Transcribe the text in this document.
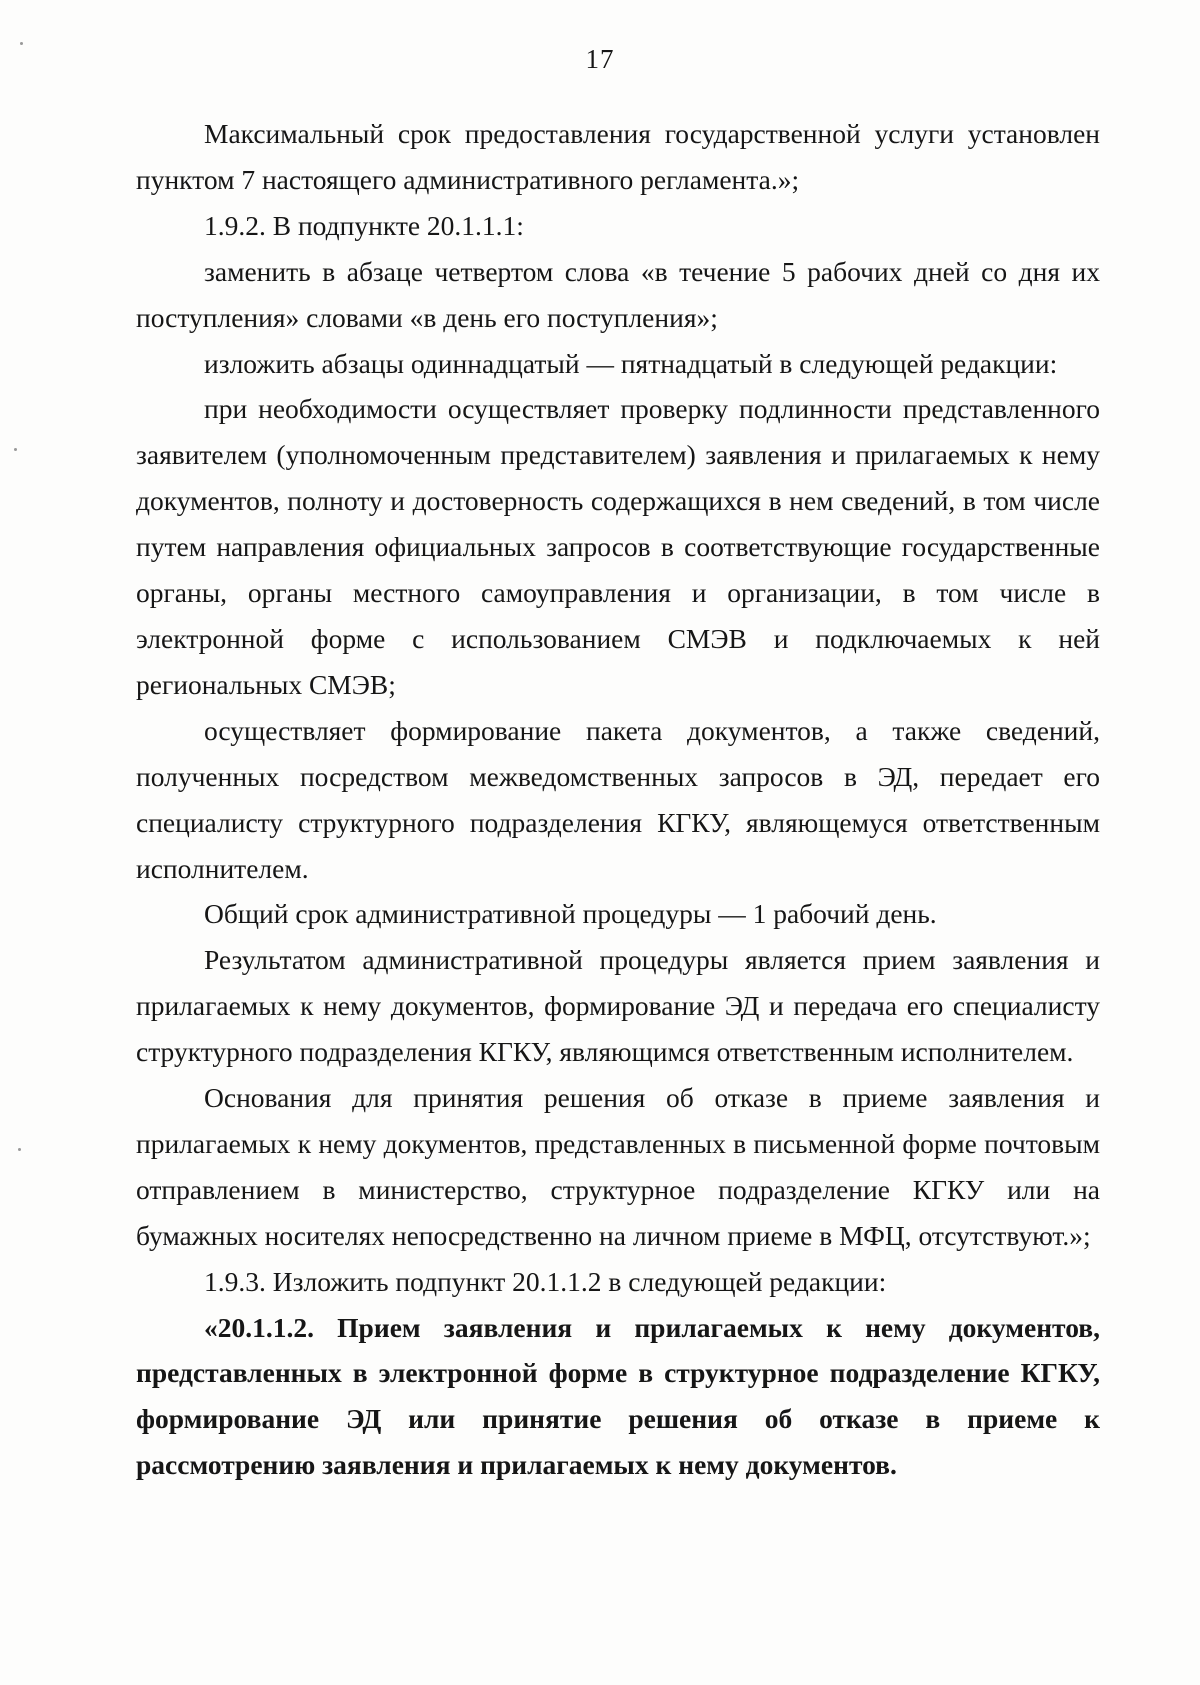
17

Максимальный срок предоставления государственной услуги установлен пунктом 7 настоящего административного регламента.»;

1.9.2. В подпункте 20.1.1.1:

заменить в абзаце четвертом слова «в течение 5 рабочих дней со дня их поступления» словами «в день его поступления»;

изложить абзацы одиннадцатый — пятнадцатый в следующей редакции:

при необходимости осуществляет проверку подлинности представленного заявителем (уполномоченным представителем) заявления и прилагаемых к нему документов, полноту и достоверность содержащихся в нем сведений, в том числе путем направления официальных запросов в соответствующие государственные органы, органы местного самоуправления и организации, в том числе в электронной форме с использованием СМЭВ и подключаемых к ней региональных СМЭВ;

осуществляет формирование пакета документов, а также сведений, полученных посредством межведомственных запросов в ЭД, передает его специалисту структурного подразделения КГКУ, являющемуся ответственным исполнителем.

Общий срок административной процедуры — 1 рабочий день.

Результатом административной процедуры является прием заявления и прилагаемых к нему документов, формирование ЭД и передача его специалисту структурного подразделения КГКУ, являющимся ответственным исполнителем.

Основания для принятия решения об отказе в приеме заявления и прилагаемых к нему документов, представленных в письменной форме почтовым отправлением в министерство, структурное подразделение КГКУ или на бумажных носителях непосредственно на личном приеме в МФЦ, отсутствуют.»;

1.9.3. Изложить подпункт 20.1.1.2 в следующей редакции:

«20.1.1.2. Прием заявления и прилагаемых к нему документов, представленных в электронной форме в структурное подразделение КГКУ, формирование ЭД или принятие решения об отказе в приеме к рассмотрению заявления и прилагаемых к нему документов.
